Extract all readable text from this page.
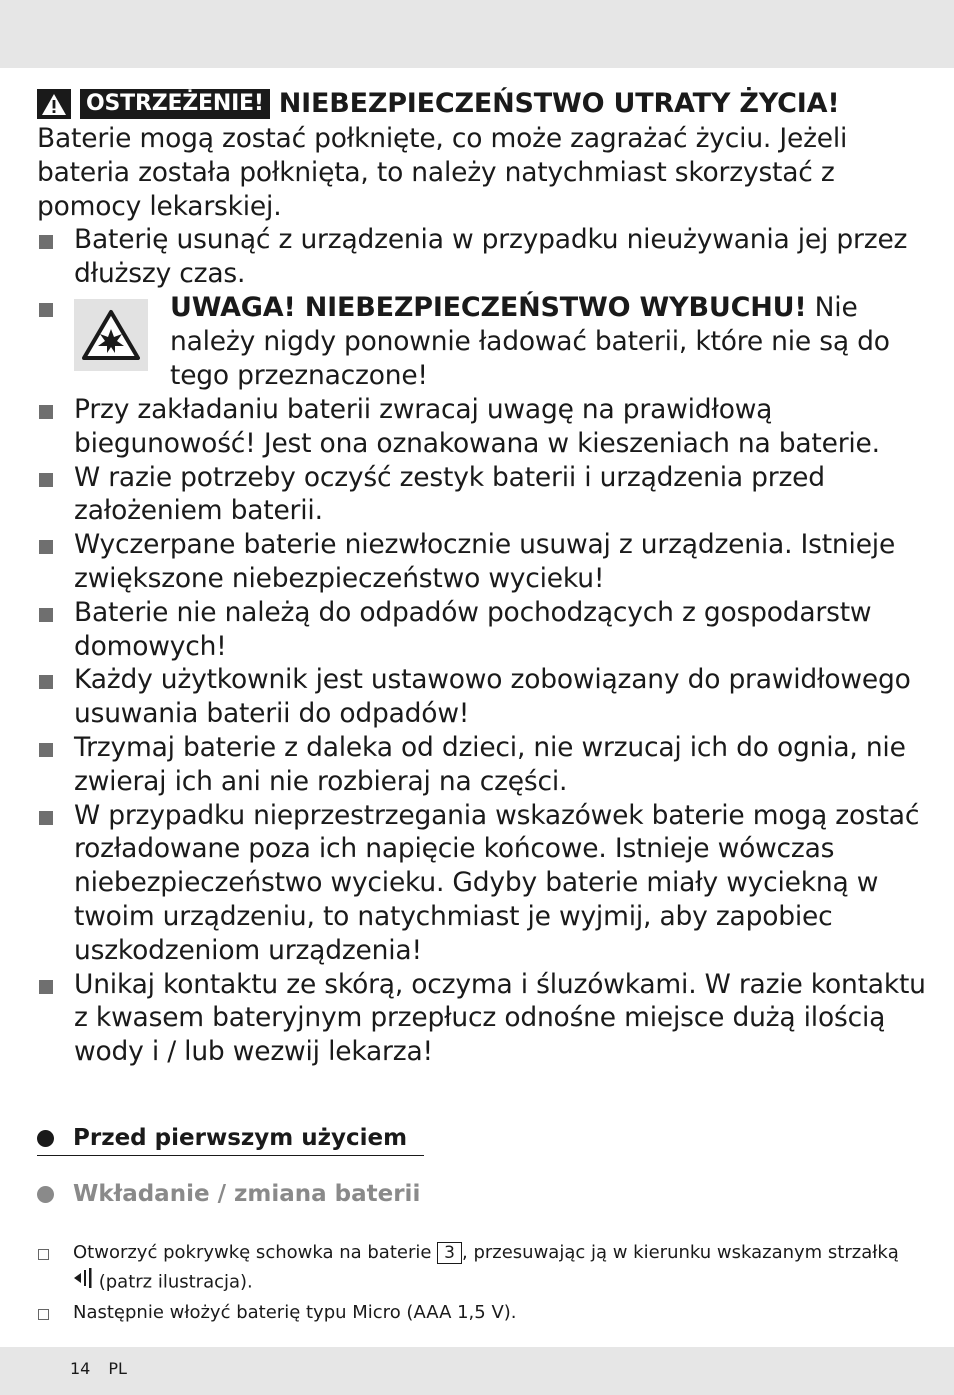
OSTRZEŻENIE! NIEBEZPIECZEŃSTWO UTRATY ŻYCIA!

Baterie mogą zostać połknięte, co może zagrażać życiu. Jeżeli bateria została połknięta, to należy natychmiast skorzystać z pomocy lekarskiej.

Baterię usunąć z urządzenia w przypadku nieużywania jej przez dłuższy czas.
UWAGA! NIEBEZPIECZEŃSTWO WYBUCHU! Nie należy nigdy ponownie ładować baterii, które nie są do tego przeznaczone!
Przy zakładaniu baterii zwracaj uwagę na prawidłową biegunowość! Jest ona oznakowana w kieszeniach na baterie.
W razie potrzeby oczyść zestyk baterii i urządzenia przed założeniem baterii.
Wyczerpane baterie niezwłocznie usuwaj z urządzenia. Istnieje zwiększone niebezpieczeństwo wycieku!
Baterie nie należą do odpadów pochodzących z gospodarstw domowych!
Każdy użytkownik jest ustawowo zobowiązany do prawidłowego usuwania baterii do odpadów!
Trzymaj baterie z daleka od dzieci, nie wrzucaj ich do ognia, nie zwieraj ich ani nie rozbieraj na części.
W przypadku nieprzestrzegania wskazówek baterie mogą zostać rozładowane poza ich napięcie końcowe. Istnieje wówczas niebezpieczeństwo wycieku. Gdyby baterie miały wyciekną w twoim urządzeniu, to natychmiast je wyjmij, aby zapobiec uszkodzeniom urządzenia!
Unikaj kontaktu ze skórą, oczyma i śluzówkami. W razie kontaktu z kwasem bateryjnym przepłucz odnośne miejsce dużą ilością wody i / lub wezwij lekarza!
Przed pierwszym użyciem
Wkładanie / zmiana baterii
Otworzyć pokrywkę schowka na baterie 3 , przesuwając ją w kierunku wskazanym strzałką
(patrz ilustracja).
Następnie włożyć baterię typu Micro (AAA 1,5 V).
14 PL
